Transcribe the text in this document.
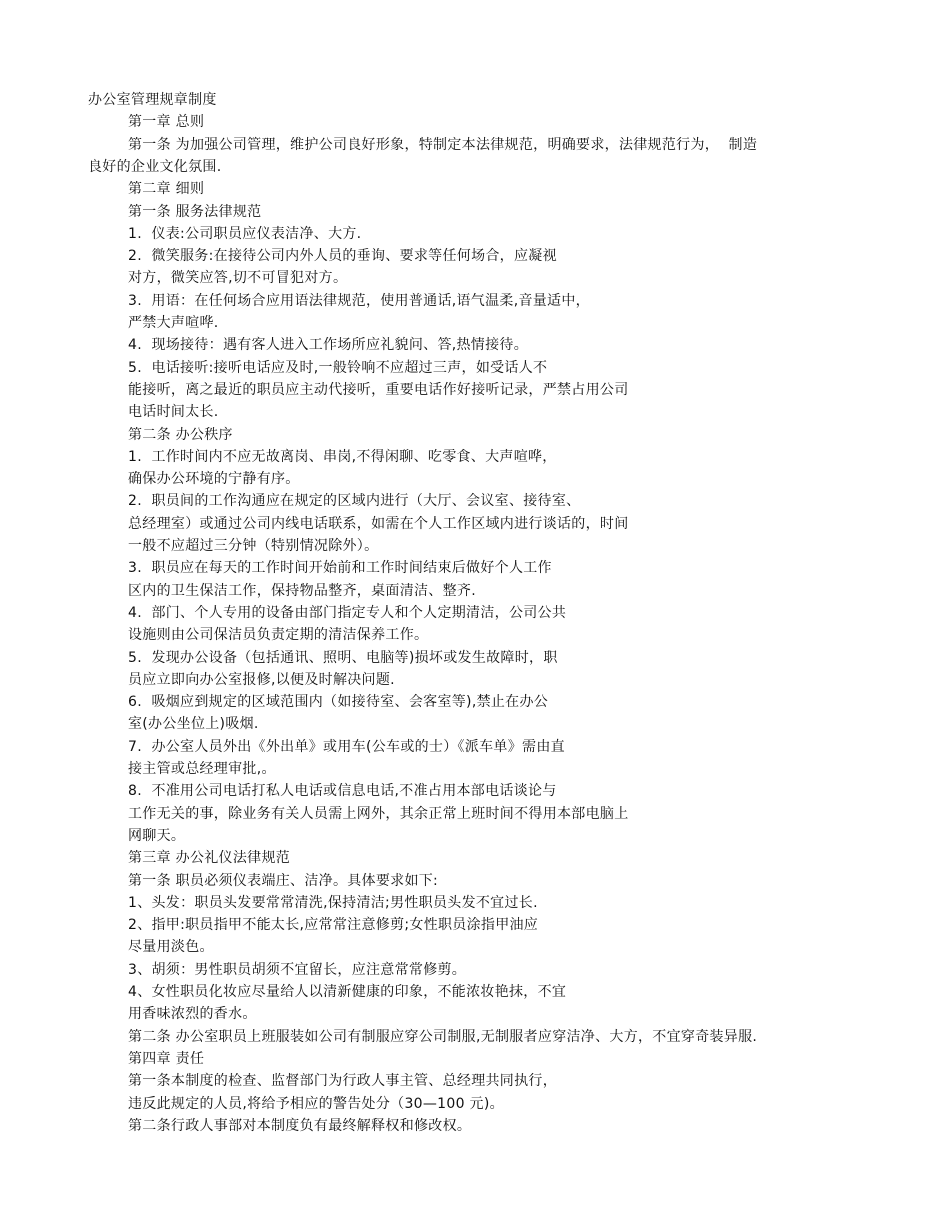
办公室管理规章制度
第一章 总则
第一条 为加强公司管理，维护公司良好形象，特制定本法律规范，明确要求，法律规范行为，  制造
良好的企业文化氛围.
第二章 细则
第一条 服务法律规范
1.  仪表:公司职员应仪表洁净、大方.
2.  微笑服务:在接待公司内外人员的垂询、要求等任何场合，应凝视
对方，微笑应答,切不可冒犯对方。
3.  用语：在任何场合应用语法律规范，使用普通话,语气温柔,音量适中，
严禁大声喧哗.
4.  现场接待：遇有客人进入工作场所应礼貌问、答,热情接待。
5.  电话接听:接听电话应及时,一般铃响不应超过三声，如受话人不
能接听，离之最近的职员应主动代接听，重要电话作好接听记录，严禁占用公司
电话时间太长.
第二条 办公秩序
1.  工作时间内不应无故离岗、串岗,不得闲聊、吃零食、大声喧哗，
确保办公环境的宁静有序。
2.  职员间的工作沟通应在规定的区域内进行（大厅、会议室、接待室、
总经理室）或通过公司内线电话联系，如需在个人工作区域内进行谈话的，时间
一般不应超过三分钟（特别情况除外）。
3.  职员应在每天的工作时间开始前和工作时间结束后做好个人工作
区内的卫生保洁工作，保持物品整齐，桌面清洁、整齐.
4.  部门、个人专用的设备由部门指定专人和个人定期清洁，公司公共
设施则由公司保洁员负责定期的清洁保养工作。
5.  发现办公设备（包括通讯、照明、电脑等)损坏或发生故障时，职
员应立即向办公室报修,以便及时解决问题.
6.  吸烟应到规定的区域范围内（如接待室、会客室等),禁止在办公
室(办公坐位上)吸烟.
7.  办公室人员外出《外出单》或用车(公车或的士）《派车单》需由直
接主管或总经理审批,。
8.  不准用公司电话打私人电话或信息电话,不准占用本部电话谈论与
工作无关的事，除业务有关人员需上网外，其余正常上班时间不得用本部电脑上
网聊天。
第三章 办公礼仪法律规范
第一条 职员必须仪表端庄、洁净。具体要求如下:
1、头发：职员头发要常常清洗,保持清洁;男性职员头发不宜过长.
2、指甲:职员指甲不能太长,应常常注意修剪;女性职员涂指甲油应
尽量用淡色。
3、胡须：男性职员胡须不宜留长，应注意常常修剪。
4、女性职员化妆应尽量给人以清新健康的印象，不能浓妆艳抹，不宜
用香味浓烈的香水。
第二条 办公室职员上班服装如公司有制服应穿公司制服,无制服者应穿洁净、大方，不宜穿奇装异服.
第四章 责任
第一条本制度的检查、监督部门为行政人事主管、总经理共同执行，
违反此规定的人员,将给予相应的警告处分（30—100 元)。
第二条行政人事部对本制度负有最终解释权和修改权。
